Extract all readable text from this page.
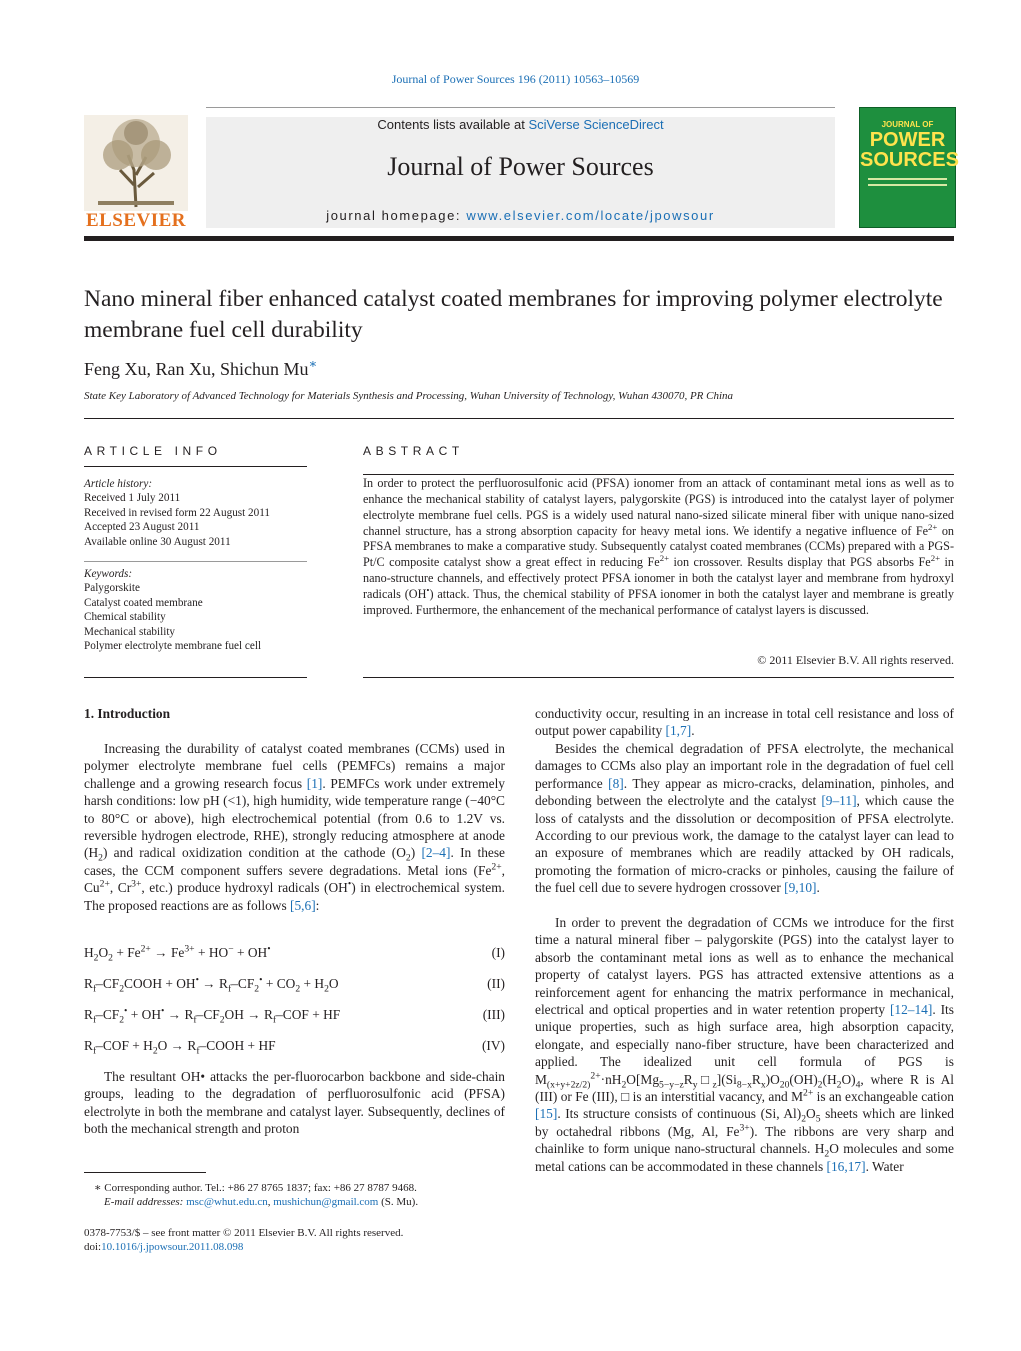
Journal of Power Sources 196 (2011) 10563–10569
ELSEVIER
Contents lists available at SciVerse ScienceDirect
Journal of Power Sources
journal homepage: www.elsevier.com/locate/jpowsour
JOURNAL OF
POWER SOURCES
Nano mineral fiber enhanced catalyst coated membranes for improving polymer electrolyte membrane fuel cell durability
Feng Xu, Ran Xu, Shichun Mu∗
State Key Laboratory of Advanced Technology for Materials Synthesis and Processing, Wuhan University of Technology, Wuhan 430070, PR China
ARTICLE INFO
Article history:
Received 1 July 2011
Received in revised form 22 August 2011
Accepted 23 August 2011
Available online 30 August 2011
Keywords:
Palygorskite
Catalyst coated membrane
Chemical stability
Mechanical stability
Polymer electrolyte membrane fuel cell
ABSTRACT
In order to protect the perfluorosulfonic acid (PFSA) ionomer from an attack of contaminant metal ions as well as to enhance the mechanical stability of catalyst layers, palygorskite (PGS) is introduced into the catalyst layer of polymer electrolyte membrane fuel cells. PGS is a widely used natural nano-sized silicate mineral fiber with unique nano-sized channel structure, has a strong absorption capacity for heavy metal ions. We identify a negative influence of $Fe^{2+}$ on PFSA membranes to make a comparative study. Subsequently catalyst coated membranes (CCMs) prepared with a PGS-Pt/C composite catalyst show a great effect in reducing $Fe^{2+}$ ion crossover. Results display that PGS absorbs $Fe^{2+}$ in nano-structure channels, and effectively protect PFSA ionomer in both the catalyst layer and membrane from hydroxyl radicals (OH•) attack. Thus, the chemical stability of PFSA ionomer in both the catalyst layer and membrane is greatly improved. Furthermore, the enhancement of the mechanical performance of catalyst layers is discussed.
© 2011 Elsevier B.V. All rights reserved.
1. Introduction
Increasing the durability of catalyst coated membranes (CCMs) used in polymer electrolyte membrane fuel cells (PEMFCs) remains a major challenge and a growing research focus [1]. PEMFCs work under extremely harsh conditions: low pH (<1), high humidity, wide temperature range (−40°C to 80°C or above), high electrochemical potential (from 0.6 to 1.2V vs. reversible hydrogen electrode, RHE), strongly reducing atmosphere at anode $(H_2)$ and radical oxidization condition at the cathode $(O_2)$ [2–4]. In these cases, the CCM component suffers severe degradations. Metal ions ($Fe^{2+}$, $Cu^{2+}$, $Cr^{3+}$, etc.) produce hydroxyl radicals (OH•) in electrochemical system. The proposed reactions are as follows [5,6]:
$H_2O_2 + Fe^{2+} \to Fe^{3+} + HO^- + OH^•$	(I)
$R_f-CF_2COOH + OH^• \to R_f-CF_2^• + CO_2 + H_2O$	(II)
$R_f-CF_2^• + OH^• \to R_f-CF_2OH \to R_f-COF$ + HF	(III)
$R_f$–COF + $H_2O$ → $R_f$–COOH + HF	(IV)
The resultant OH• attacks the per-fluorocarbon backbone and side-chain groups, leading to the degradation of perfluorosulfonic acid (PFSA) electrolyte in both the membrane and catalyst layer. Subsequently, declines of both the mechanical strength and proton
∗ Corresponding author. Tel.: +86 27 8765 1837; fax: +86 27 8787 9468.
E-mail addresses: msc@whut.edu.cn, mushichun@gmail.com (S. Mu).
0378-7753/$ – see front matter © 2011 Elsevier B.V. All rights reserved.
doi:10.1016/j.jpowsour.2011.08.098
conductivity occur, resulting in an increase in total cell resistance and loss of output power capability [1,7].
Besides the chemical degradation of PFSA electrolyte, the mechanical damages to CCMs also play an important role in the degradation of fuel cell performance [8]. They appear as micro-cracks, delamination, pinholes, and debonding between the electrolyte and the catalyst [9–11], which cause the loss of catalysts and the dissolution or decomposition of PFSA electrolyte. According to our previous work, the damage to the catalyst layer can lead to an exposure of membranes which are readily attacked by OH radicals, promoting the formation of micro-cracks or pinholes, causing the failure of the fuel cell due to severe hydrogen crossover [9,10].
In order to prevent the degradation of CCMs we introduce for the first time a natural mineral fiber – palygorskite (PGS) into the catalyst layer to absorb the contaminant metal ions as well as to enhance the mechanical property of catalyst layers. PGS has attracted extensive attentions as a reinforcement agent for enhancing the matrix performance in mechanical, electrical and optical properties and in water retention property [12–14]. Its unique properties, such as high surface area, high absorption capacity, elongate, and especially nano-fiber structure, have been characterized and applied. The idealized unit cell formula of PGS is $M_{(x+y+2z/2)}^{2+}\cdot nH_2O[Mg_{5-y-z}R_y□_z](Si_{8-x}R_x)O_{20}(OH)_2(H_2O)_4$, where R is Al (III) or Fe (III), □ is an interstitial vacancy, and $M^{2+}$ is an exchangeable cation [15]. Its structure consists of continuous (Si, $Al)_2O_5$ sheets which are linked by octahedral ribbons (Mg, Al, $Fe^{3+}$). The ribbons are very sharp and chainlike to form unique nano-structural channels. $H_2O$ molecules and some metal cations can be accommodated in these channels [16,17]. Water
